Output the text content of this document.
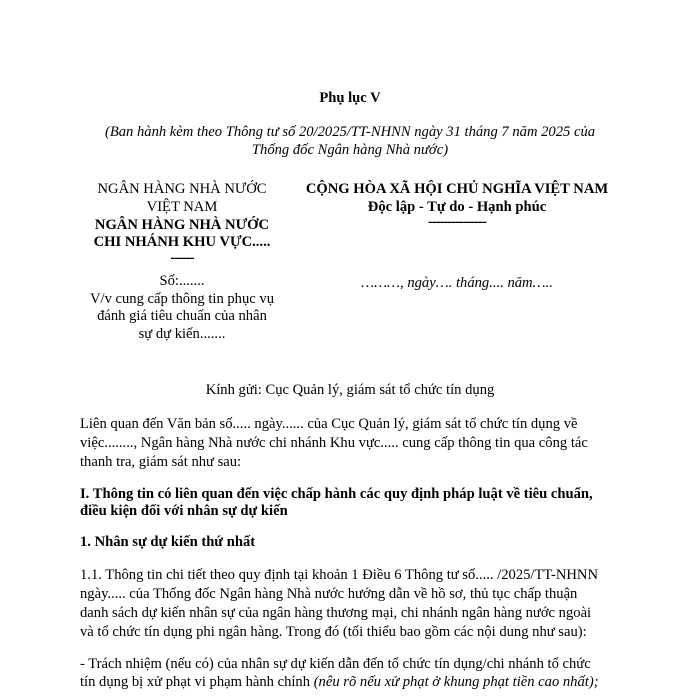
Phụ lục V
(Ban hành kèm theo Thông tư số 20/2025/TT-NHNN ngày 31 tháng 7 năm 2025 của
Thống đốc Ngân hàng Nhà nước)
NGÂN HÀNG NHÀ NƯỚC
VIỆT NAM
NGÂN HÀNG NHÀ NƯỚC
CHI NHÁNH KHU VỰC.....
------
Số:.......
V/v cung cấp thông tin phục vụ
đánh giá tiêu chuẩn của nhân
sự dự kiến.......
CỘNG HÒA XÃ HỘI CHỦ NGHĨA VIỆT NAM
Độc lập - Tự do - Hạnh phúc
---------------
………, ngày…. tháng.... năm…..
Kính gửi: Cục Quản lý, giám sát tổ chức tín dụng
Liên quan đến Văn bản số..... ngày...... của Cục Quản lý, giám sát tổ chức tín dụng về
việc........, Ngân hàng Nhà nước chi nhánh Khu vực..... cung cấp thông tin qua công tác
thanh tra, giám sát như sau:
I. Thông tin có liên quan đến việc chấp hành các quy định pháp luật về tiêu chuẩn,
điều kiện đối với nhân sự dự kiến
1. Nhân sự dự kiến thứ nhất
1.1. Thông tin chi tiết theo quy định tại khoản 1 Điều 6 Thông tư số..... /2025/TT-NHNN
ngày..... của Thống đốc Ngân hàng Nhà nước hướng dẫn về hồ sơ, thủ tục chấp thuận
danh sách dự kiến nhân sự của ngân hàng thương mại, chi nhánh ngân hàng nước ngoài
và tổ chức tín dụng phi ngân hàng. Trong đó (tối thiểu bao gồm các nội dung như sau):
- Trách nhiệm (nếu có) của nhân sự dự kiến dẫn đến tổ chức tín dụng/chi nhánh tổ chức
tín dụng bị xử phạt vi phạm hành chính (nêu rõ nếu xử phạt ở khung phạt tiền cao nhất);
